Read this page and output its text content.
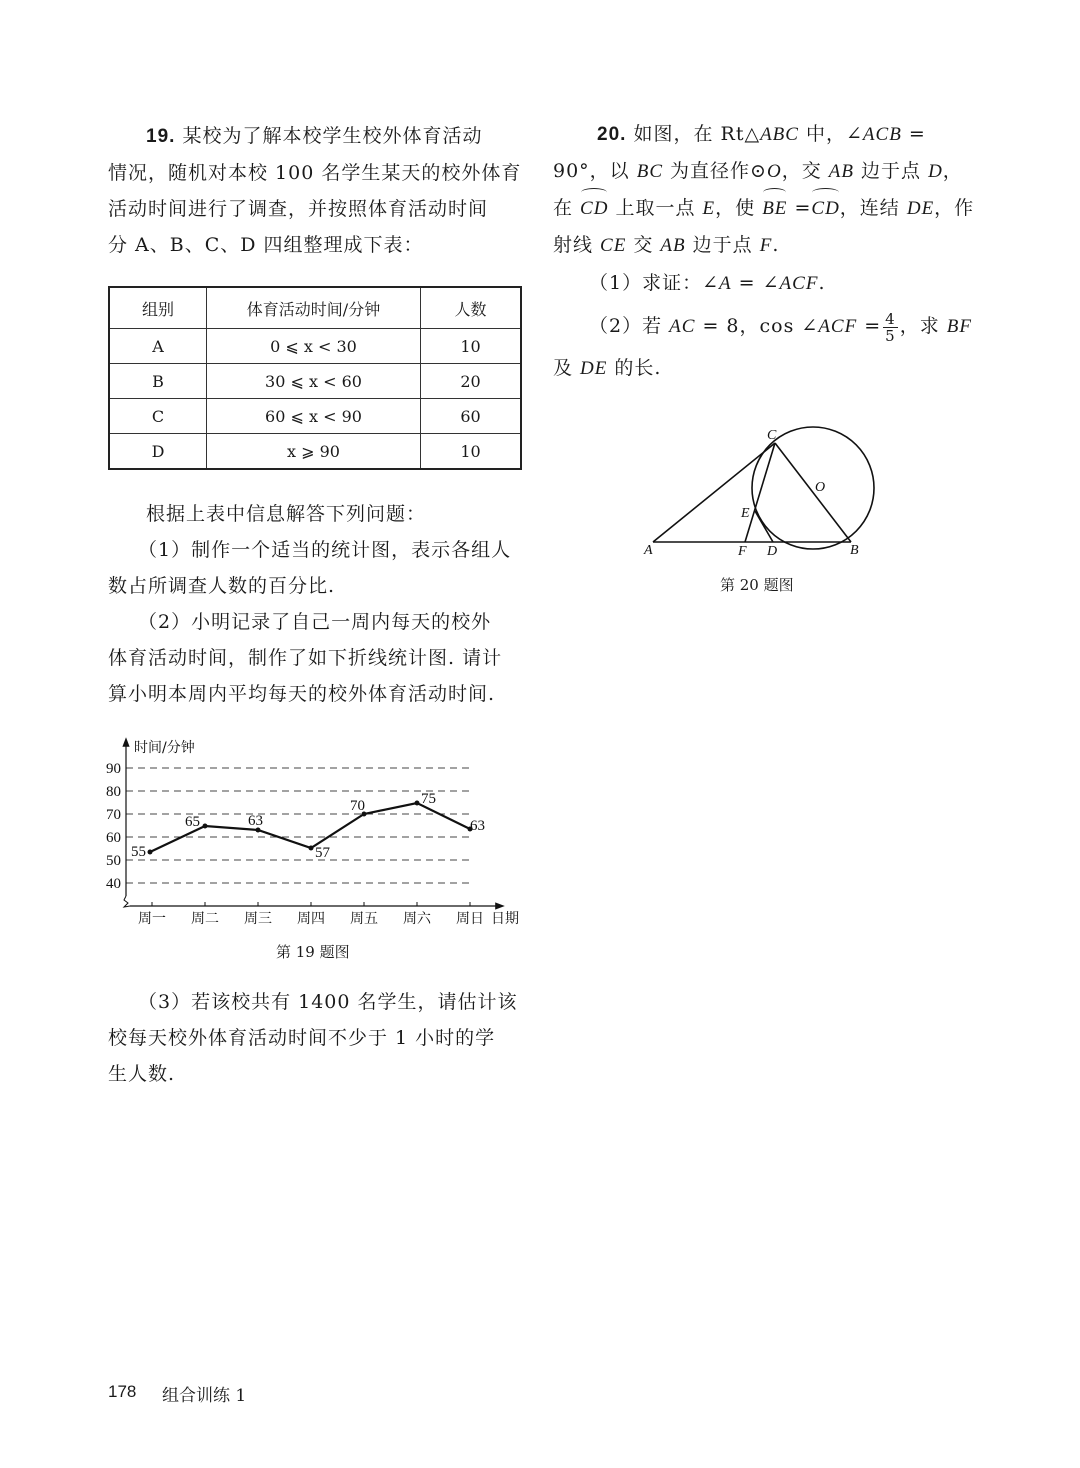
19. 某校为了解本校学生校外体育活动
情况，随机对本校 100 名学生某天的校外体育
活动时间进行了调查，并按照体育活动时间
分 A、B、C、D 四组整理成下表：
组别	体育活动时间/分钟	人数
A	0 ⩽ x < 30	10
B	30 ⩽ x < 60	20
C	60 ⩽ x < 90	60
D	x ⩾ 90	10
根据上表中信息解答下列问题：
（1）制作一个适当的统计图，表示各组人
数占所调查人数的百分比.
（2）小明记录了自己一周内每天的校外
体育活动时间，制作了如下折线统计图. 请计
算小明本周内平均每天的校外体育活动时间.
90
80
70
60
50
40
55
65	63
57
70	75
63
周一 周二 周三 周四 周五 周六 周日 日期
时间/分钟
第 19 题图
（3）若该校共有 1400 名学生，请估计该
校每天校外体育活动时间不少于 1 小时的学
生人数.
20. 如图，在 Rt△ABC 中，∠ACB =
90°，以 BC 为直径作⊙O，交 AB 边于点 D，
在 CD 上取一点 E，使 BE =CD，连结 DE，作
射线 CE 交 AB 边于点 F.
（1）求证：∠A = ∠ACF.
（2）若 AC = 8，cos ∠ACF = $\frac{4}{5}$ ，求 BF
及 DE 的长.
A	B
C
D
E
F
O
第 20 题图
178 组合训练 1
